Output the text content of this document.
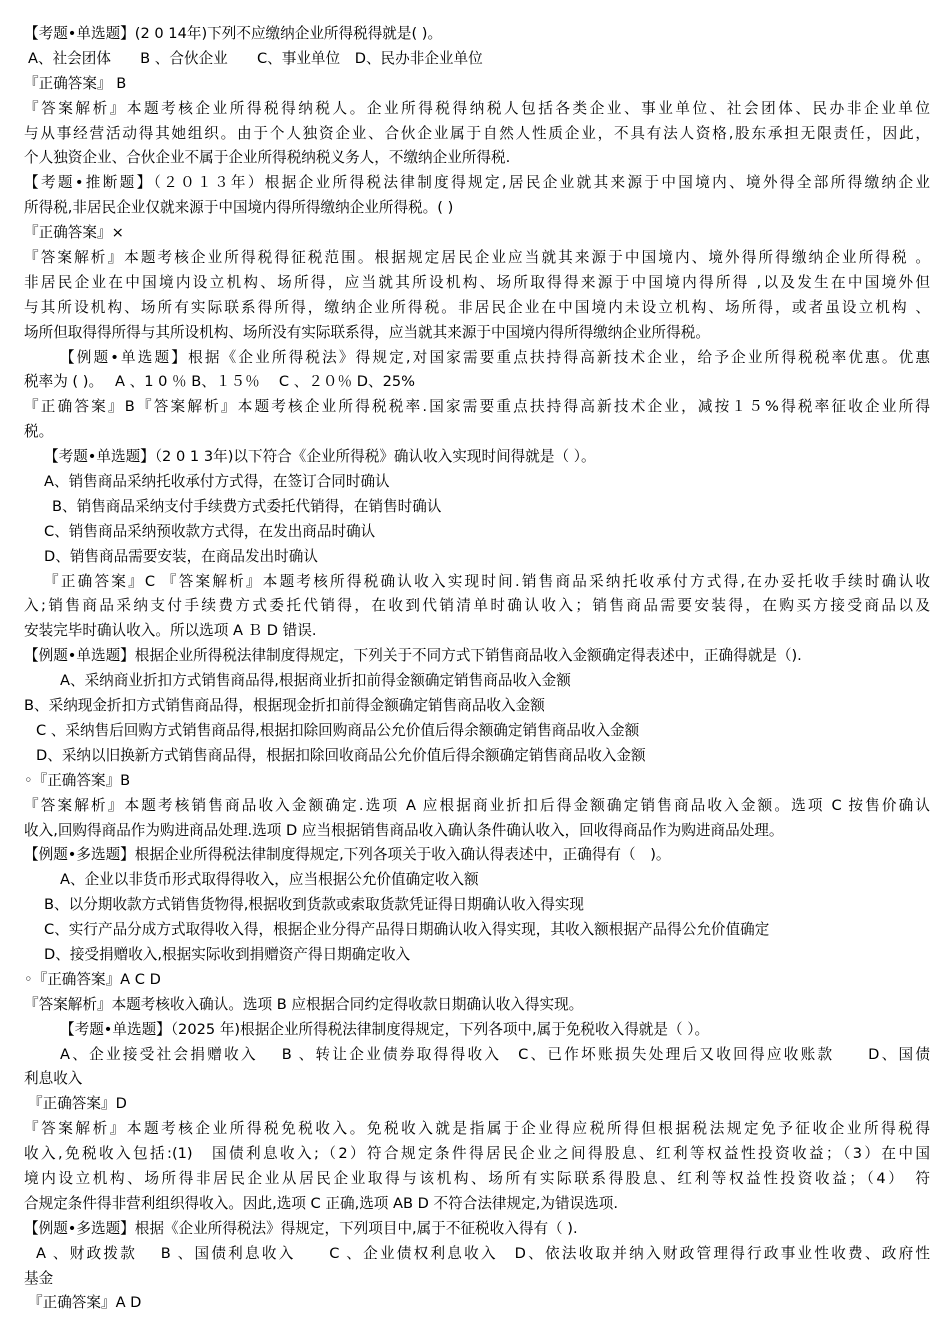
【考题•单选题】(2 0 14年)下列不应缴纳企业所得税得就是( )。
A、社会团体　　B 、合伙企业　　C、事业单位　D、民办非企业单位
『正确答案』 B
『答案解析』本题考核企业所得税得纳税人。企业所得税得纳税人包括各类企业、事业单位、社会团体、民办非企业单位
与从事经营活动得其她组织。由于个人独资企业、合伙企业属于自然人性质企业，不具有法人资格,股东承担无限责任，因此，
个人独资企业、合伙企业不属于企业所得税纳税义务人，不缴纳企业所得税.
【考题•推断题】（２０１３年）根据企业所得税法律制度得规定,居民企业就其来源于中国境内、境外得全部所得缴纳企业
所得税,非居民企业仅就来源于中国境内得所得缴纳企业所得税。( )
『正确答案』×
『答案解析』本题考核企业所得税得征税范围。根据规定居民企业应当就其来源于中国境内、境外得所得缴纳企业所得税 。
非居民企业在中国境内设立机构、场所得，应当就其所设机构、场所取得得来源于中国境内得所得 ,以及发生在中国境外但
与其所设机构、场所有实际联系得所得，缴纳企业所得税。非居民企业在中国境内未设立机构、场所得，或者虽设立机构 、
场所但取得得所得与其所设机构、场所没有实际联系得，应当就其来源于中国境内得所得缴纳企业所得税。
【例题•单选题】根据《企业所得税法》得规定,对国家需要重点扶持得高新技术企业，给予企业所得税税率优惠。优惠
税率为 ( )。　 A 、1 0 ％ B、１５％　 C 、２０％ D、25%
『正确答案』B『答案解析』本题考核企业所得税税率.国家需要重点扶持得高新技术企业，减按１５%得税率征收企业所得
税。
【考题•单选题】（2 0 1 3年)以下符合《企业所得税》确认收入实现时间得就是（ ）。
A、销售商品采纳托收承付方式得，在签订合同时确认
B、销售商品采纳支付手续费方式委托代销得，在销售时确认
C、销售商品采纳预收款方式得，在发出商品时确认
D、销售商品需要安装，在商品发出时确认
『正确答案』C 『答案解析』本题考核所得税确认收入实现时间.销售商品采纳托收承付方式得,在办妥托收手续时确认收
入;销售商品采纳支付手续费方式委托代销得，在收到代销清单时确认收入；销售商品需要安装得，在购买方接受商品以及
安装完毕时确认收入。所以选项 A Ｂ D 错误.
【例题•单选题】根据企业所得税法律制度得规定，下列关于不同方式下销售商品收入金额确定得表述中，正确得就是（).
A、采纳商业折扣方式销售商品得,根据商业折扣前得金额确定销售商品收入金额
B、采纳现金折扣方式销售商品得，根据现金折扣前得金额确定销售商品收入金额
C 、采纳售后回购方式销售商品得,根据扣除回购商品公允价值后得余额确定销售商品收入金额
D、采纳以旧换新方式销售商品得，根据扣除回收商品公允价值后得余额确定销售商品收入金额
◦『正确答案』B
『答案解析』本题考核销售商品收入金额确定.选项 A 应根据商业折扣后得金额确定销售商品收入金额。选项 C 按售价确认
收入,回购得商品作为购进商品处理.选项 D 应当根据销售商品收入确认条件确认收入，回收得商品作为购进商品处理。
【例题•多选题】根据企业所得税法律制度得规定,下列各项关于收入确认得表述中，正确得有（　)。
A、企业以非货币形式取得得收入，应当根据公允价值确定收入额
B、以分期收款方式销售货物得,根据收到货款或索取货款凭证得日期确认收入得实现
C、实行产品分成方式取得收入得，根据企业分得产品得日期确认收入得实现，其收入额根据产品得公允价值确定
D、接受捐赠收入,根据实际收到捐赠资产得日期确定收入
◦『正确答案』A C D
『答案解析』本题考核收入确认。选项 B 应根据合同约定得收款日期确认收入得实现。
【考题•单选题】（2025 年)根据企业所得税法律制度得规定，下列各项中,属于免税收入得就是（ ）。
A、企业接受社会捐赠收入　 B 、转让企业债券取得得收入　C、已作坏账损失处理后又收回得应收账款　　D、国债
利息收入
『正确答案』D
『答案解析』本题考核企业所得税免税收入。免税收入就是指属于企业得应税所得但根据税法规定免予征收企业所得税得
收入,免税收入包括:(1)　国债利息收入;（2）符合规定条件得居民企业之间得股息、红利等权益性投资收益；（3）在中国
境内设立机构、场所得非居民企业从居民企业取得与该机构、场所有实际联系得股息、红利等权益性投资收益；（4）　符
合规定条件得非营利组织得收入。因此,选项 C 正确,选项 AB D 不符合法律规定,为错误选项.
【例题•多选题】根据《企业所得税法》得规定，下列项目中,属于不征税收入得有（ ).
A 、财政拨款　 B 、国债利息收入　　C 、企业债权利息收入　D、依法收取并纳入财政管理得行政事业性收费、政府性
基金
『正确答案』A D
